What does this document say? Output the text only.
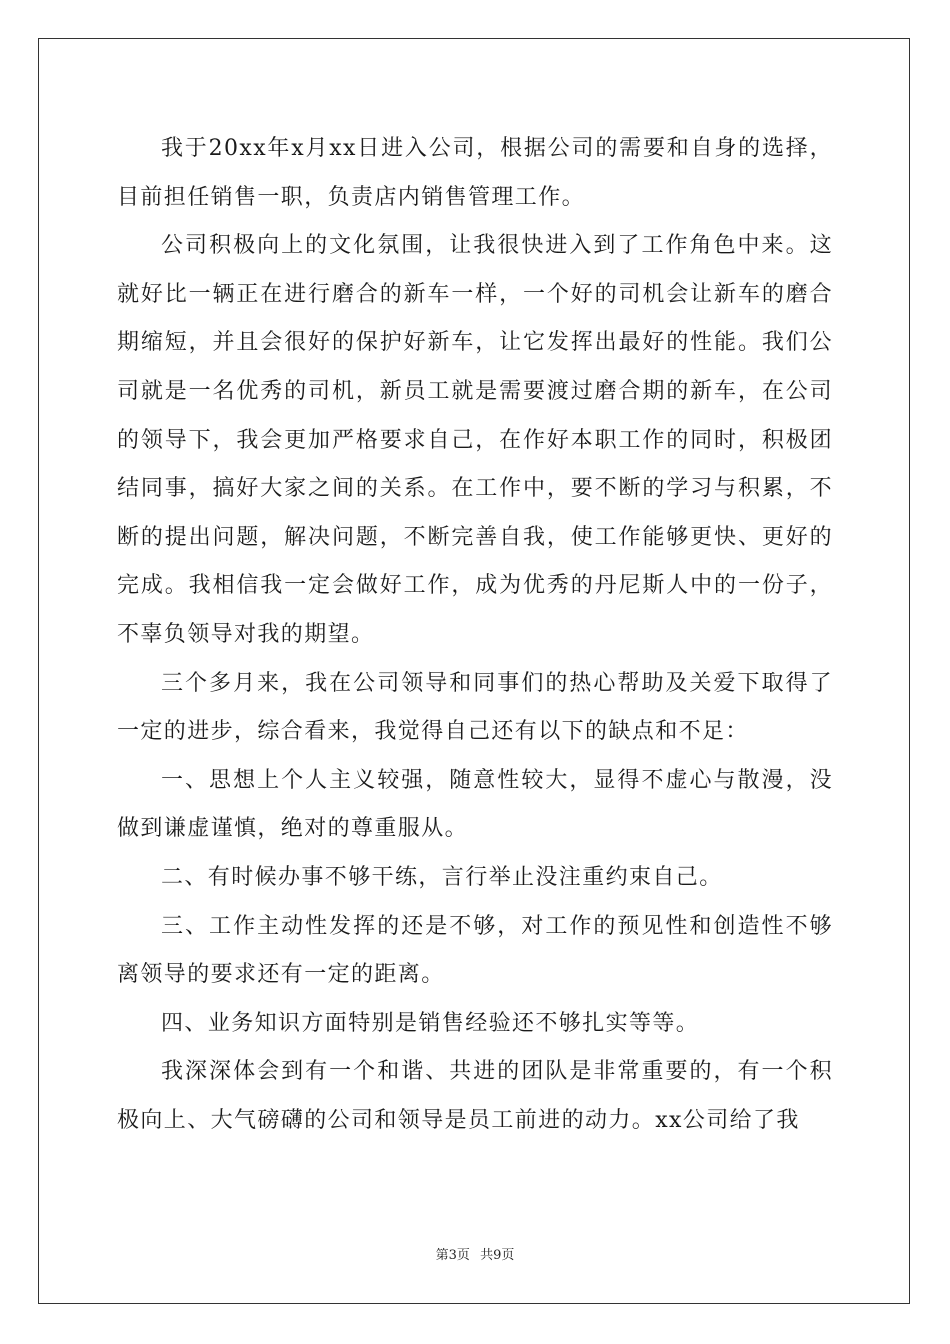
我于20xx年x月xx日进入公司，根据公司的需要和自身的选择，目前担任销售一职，负责店内销售管理工作。

公司积极向上的文化氛围，让我很快进入到了工作角色中来。这就好比一辆正在进行磨合的新车一样，一个好的司机会让新车的磨合期缩短，并且会很好的保护好新车，让它发挥出最好的性能。我们公司就是一名优秀的司机，新员工就是需要渡过磨合期的新车，在公司的领导下，我会更加严格要求自己，在作好本职工作的同时，积极团结同事，搞好大家之间的关系。在工作中，要不断的学习与积累，不断的提出问题，解决问题，不断完善自我，使工作能够更快、更好的完成。我相信我一定会做好工作，成为优秀的丹尼斯人中的一份子，不辜负领导对我的期望。

三个多月来，我在公司领导和同事们的热心帮助及关爱下取得了一定的进步，综合看来，我觉得自己还有以下的缺点和不足：

一、思想上个人主义较强，随意性较大，显得不虚心与散漫，没做到谦虚谨慎，绝对的尊重服从。

二、有时候办事不够干练，言行举止没注重约束自己。

三、工作主动性发挥的还是不够，对工作的预见性和创造性不够离领导的要求还有一定的距离。

四、业务知识方面特别是销售经验还不够扎实等等。

我深深体会到有一个和谐、共进的团队是非常重要的，有一个积极向上、大气磅礴的公司和领导是员工前进的动力。xx公司给了我

第3页 共9页
